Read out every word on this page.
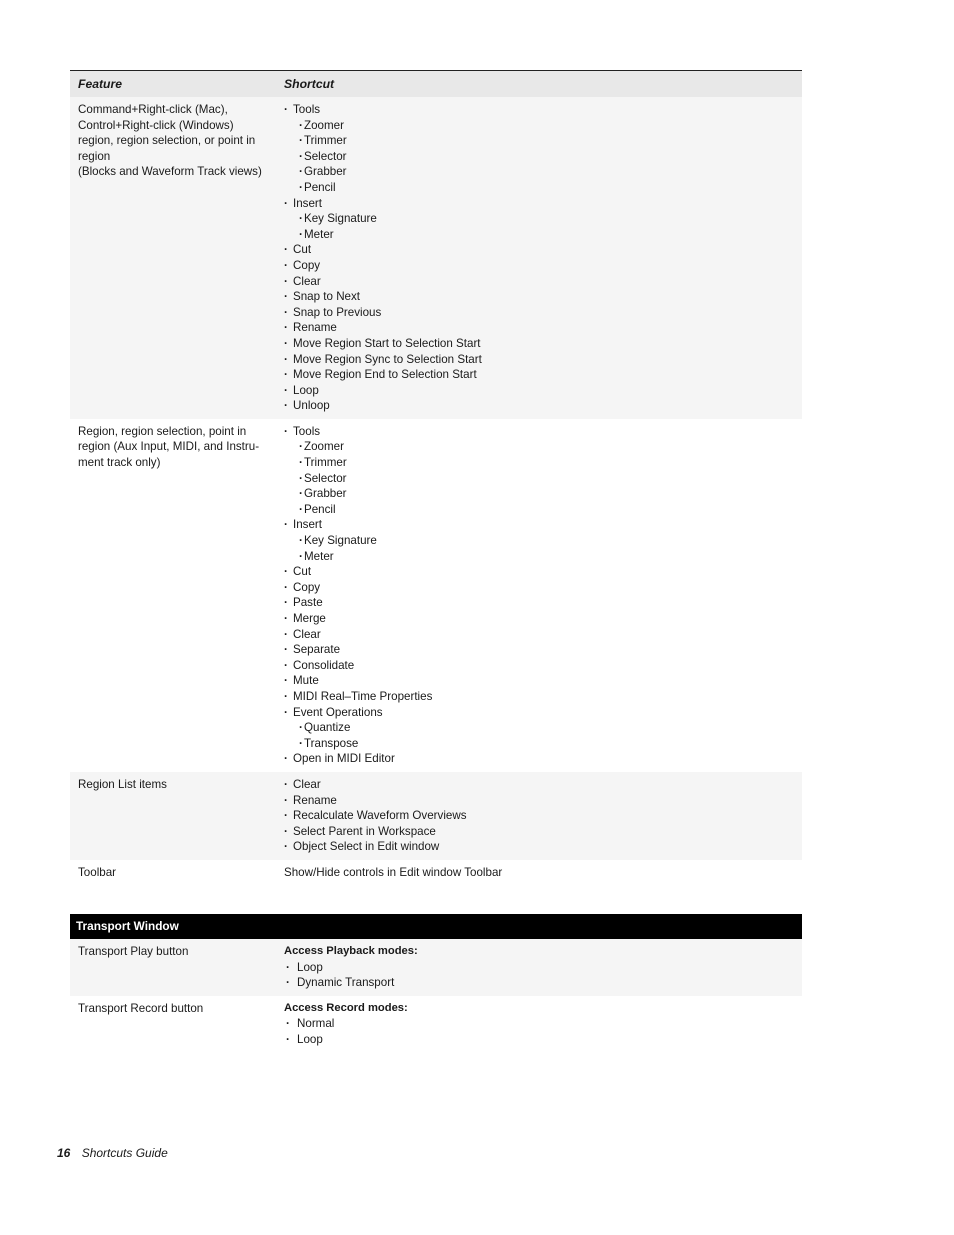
Feature	Shortcut
Command+Right-click (Mac),
Control+Right-click (Windows)
region, region selection, or point in
region
(Blocks and Waveform Track views)
· Tools
· Zoomer
· Trimmer
· Selector
· Grabber
· Pencil
· Insert
· Key Signature
· Meter
· Cut
· Copy
· Clear
· Snap to Next
· Snap to Previous
· Rename
· Move Region Start to Selection Start
· Move Region Sync to Selection Start
· Move Region End to Selection Start
· Loop
· Unloop
Region, region selection, point in
region (Aux Input, MIDI, and Instru-
ment track only)
· Tools
· Zoomer
· Trimmer
· Selector
· Grabber
· Pencil
· Insert
· Key Signature
· Meter
· Cut
· Copy
· Paste
· Merge
· Clear
· Separate
· Consolidate
· Mute
· MIDI Real–Time Properties
· Event Operations
· Quantize
· Transpose
· Open in MIDI Editor
Region List items
·	Clear
· Rename
· Recalculate Waveform Overviews
· Select Parent in Workspace
· Object Select in Edit window
Toolbar	Show/Hide controls in Edit window Toolbar
Transport Window
Transport Play button	Access Playback modes:
· Loop
· Dynamic Transport
Transport Record button	Access Record modes:
· Normal
· Loop
16 Shortcuts Guide
